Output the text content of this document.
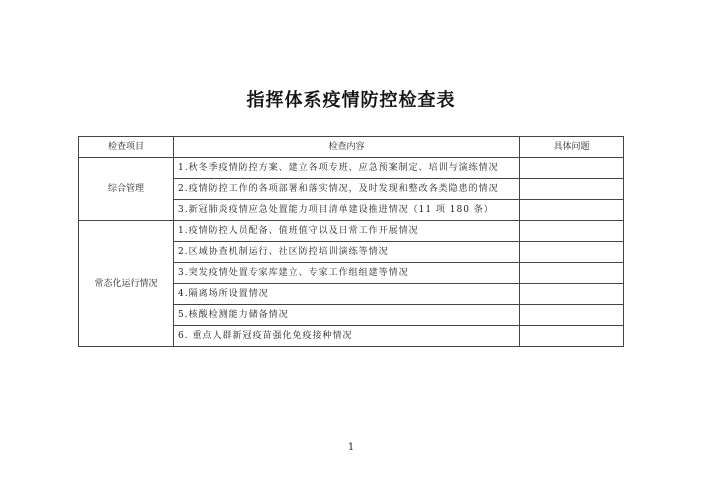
指挥体系疫情防控检查表
检查项目	检查内容	具体问题
综合管理	1.秋冬季疫情防控方案、建立各项专班、应急预案制定、培训与演练情况	
	2.疫情防控工作的各项部署和落实情况，及时发现和整改各类隐患的情况	
	3.新冠肺炎疫情应急处置能力项目清单建设推进情况（11 项 180 条）	
常态化运行情况	1.疫情防控人员配备、值班值守以及日常工作开展情况	
	2.区域协查机制运行、社区防控培训演练等情况	
	3.突发疫情处置专家库建立、专家工作组组建等情况	
	4.隔离场所设置情况	
	5.核酸检测能力储备情况	
	6. 重点人群新冠疫苗强化免疫接种情况	
1
